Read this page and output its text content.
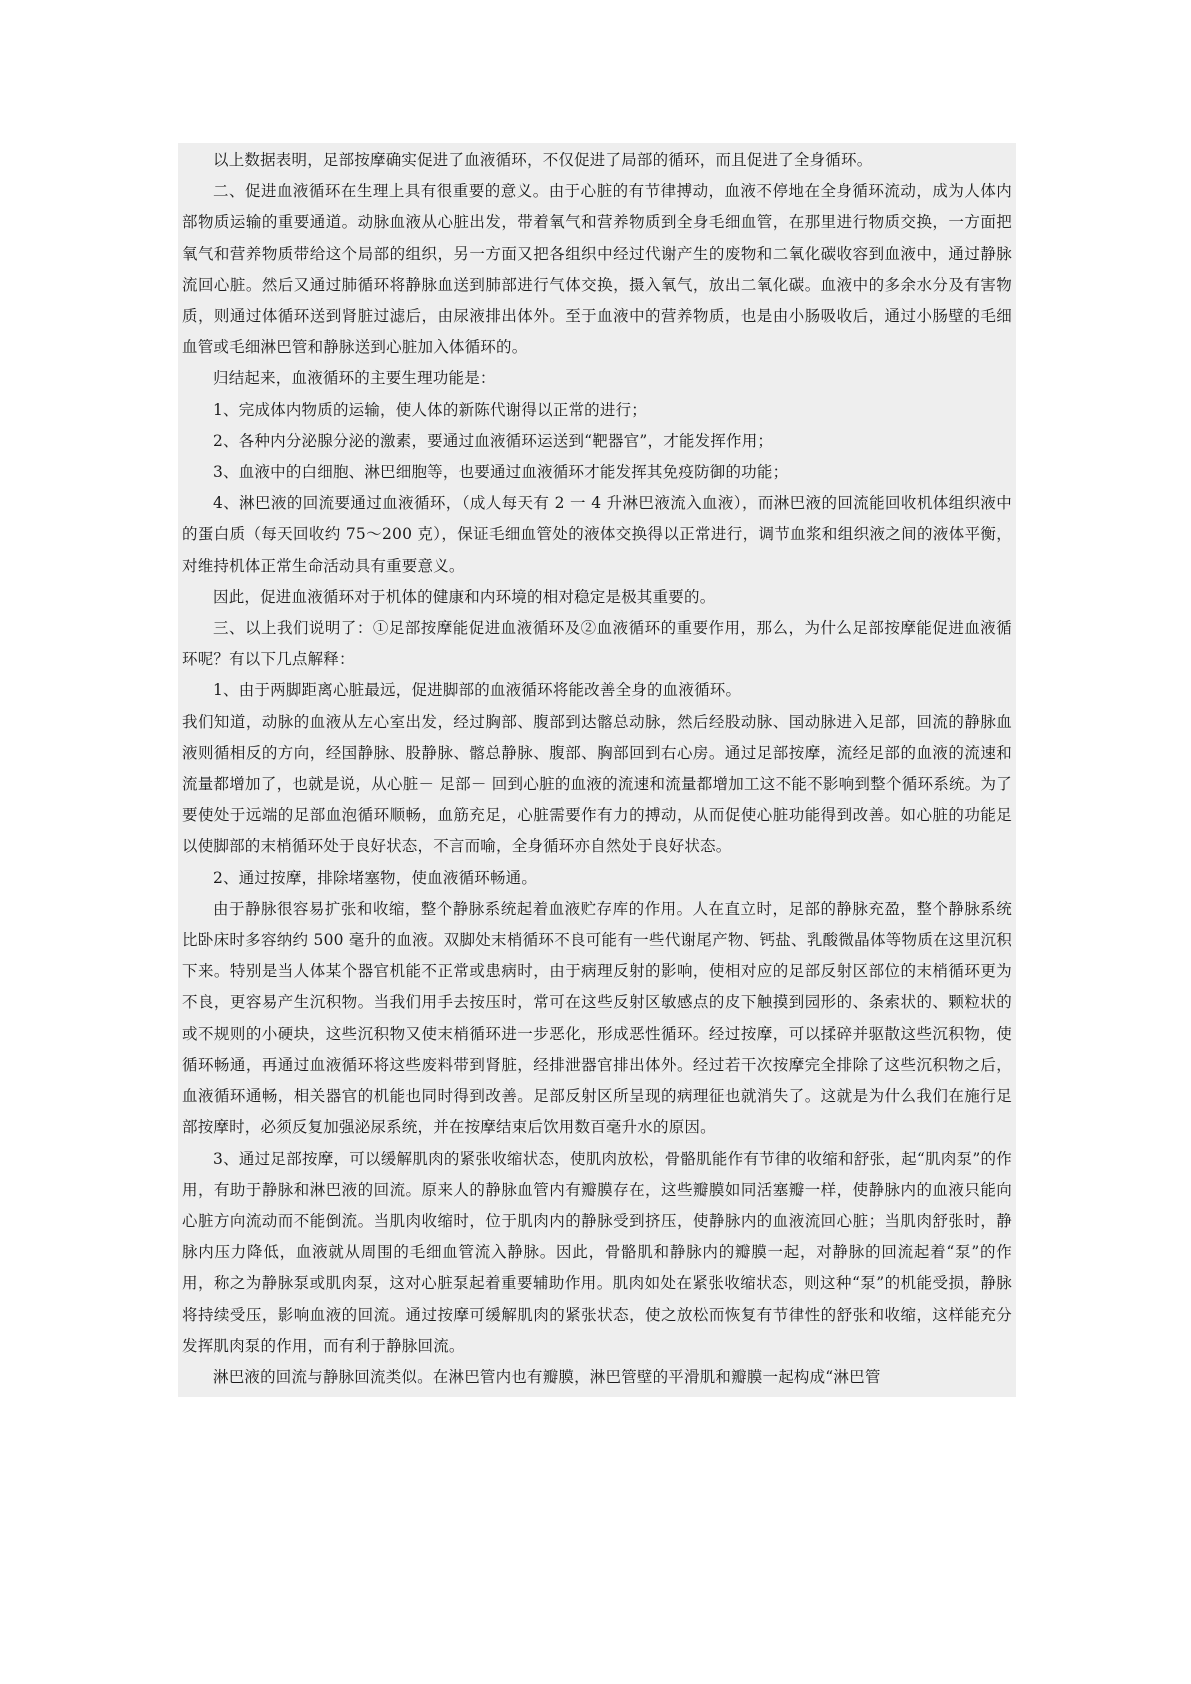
以上数据表明，足部按摩确实促进了血液循环，不仅促进了局部的循环，而且促进了全身循环。

二、促进血液循环在生理上具有很重要的意义。由于心脏的有节律搏动，血液不停地在全身循环流动，成为人体内部物质运输的重要通道。动脉血液从心脏出发，带着氧气和营养物质到全身毛细血管，在那里进行物质交换，一方面把氧气和营养物质带给这个局部的组织，另一方面又把各组织中经过代谢产生的废物和二氧化碳收容到血液中，通过静脉流回心脏。然后又通过肺循环将静脉血送到肺部进行气体交换，摄入氧气，放出二氧化碳。血液中的多余水分及有害物质，则通过体循环送到肾脏过滤后，由尿液排出体外。至于血液中的营养物质，也是由小肠吸收后，通过小肠壁的毛细血管或毛细淋巴管和静脉送到心脏加入体循环的。

归结起来，血液循环的主要生理功能是：

1、完成体内物质的运输，使人体的新陈代谢得以正常的进行；

2、各种内分泌腺分泌的激素，要通过血液循环运送到“靶器官”，才能发挥作用；

3、血液中的白细胞、淋巴细胞等，也要通过血液循环才能发挥其免疫防御的功能；

4、淋巴液的回流要通过血液循环，（成人每天有 2 一 4 升淋巴液流入血液），而淋巴液的回流能回收机体组织液中的蛋白质（每天回收约 75～200 克），保证毛细血管处的液体交换得以正常进行，调节血浆和组织液之间的液体平衡，对维持机体正常生命活动具有重要意义。

因此，促进血液循环对于机体的健康和内环境的相对稳定是极其重要的。

三、以上我们说明了：①足部按摩能促进血液循环及②血液循环的重要作用，那么，为什么足部按摩能促进血液循环呢？有以下几点解释：

1、由于两脚距离心脏最远，促进脚部的血液循环将能改善全身的血液循环。

我们知道，动脉的血液从左心室出发，经过胸部、腹部到达髂总动脉，然后经股动脉、国动脉进入足部，回流的静脉血液则循相反的方向，经国静脉、股静脉、髂总静脉、腹部、胸部回到右心房。通过足部按摩，流经足部的血液的流速和流量都增加了，也就是说，从心脏－ 足部－ 回到心脏的血液的流速和流量都增加工这不能不影响到整个循环系统。为了要使处于远端的足部血泡循环顺畅，血筋充足，心脏需要作有力的搏动，从而促使心脏功能得到改善。如心脏的功能足以使脚部的末梢循环处于良好状态，不言而喻，全身循环亦自然处于良好状态。

2、通过按摩，排除堵塞物，使血液循环畅通。

由于静脉很容易扩张和收缩，整个静脉系统起着血液贮存库的作用。人在直立时，足部的静脉充盈，整个静脉系统比卧床时多容纳约 500 毫升的血液。双脚处末梢循环不良可能有一些代谢尾产物、钙盐、乳酸微晶体等物质在这里沉积下来。特别是当人体某个器官机能不正常或患病时，由于病理反射的影响，使相对应的足部反射区部位的末梢循环更为不良，更容易产生沉积物。当我们用手去按压时，常可在这些反射区敏感点的皮下触摸到园形的、条索状的、颗粒状的或不规则的小硬块，这些沉积物又使末梢循环进一步恶化，形成恶性循环。经过按摩，可以揉碎并驱散这些沉积物，使循环畅通，再通过血液循环将这些废料带到肾脏，经排泄器官排出体外。经过若干次按摩完全排除了这些沉积物之后，血液循环通畅，相关器官的机能也同时得到改善。足部反射区所呈现的病理征也就消失了。这就是为什么我们在施行足部按摩时，必须反复加强泌尿系统，并在按摩结束后饮用数百毫升水的原因。

3、通过足部按摩，可以缓解肌肉的紧张收缩状态，使肌肉放松，骨骼肌能作有节律的收缩和舒张，起“肌肉泵”的作用，有助于静脉和淋巴液的回流。原来人的静脉血管内有瓣膜存在，这些瓣膜如同活塞瓣一样，使静脉内的血液只能向心脏方向流动而不能倒流。当肌肉收缩时，位于肌肉内的静脉受到挤压，使静脉内的血液流回心脏；当肌肉舒张时，静脉内压力降低，血液就从周围的毛细血管流入静脉。因此，骨骼肌和静脉内的瓣膜一起，对静脉的回流起着“泵”的作用，称之为静脉泵或肌肉泵，这对心脏泵起着重要辅助作用。肌肉如处在紧张收缩状态，则这种“泵”的机能受损，静脉将持续受压，影响血液的回流。通过按摩可缓解肌肉的紧张状态，使之放松而恢复有节律性的舒张和收缩，这样能充分发挥肌肉泵的作用，而有利于静脉回流。

淋巴液的回流与静脉回流类似。在淋巴管内也有瓣膜，淋巴管壁的平滑肌和瓣膜一起构成“淋巴管
